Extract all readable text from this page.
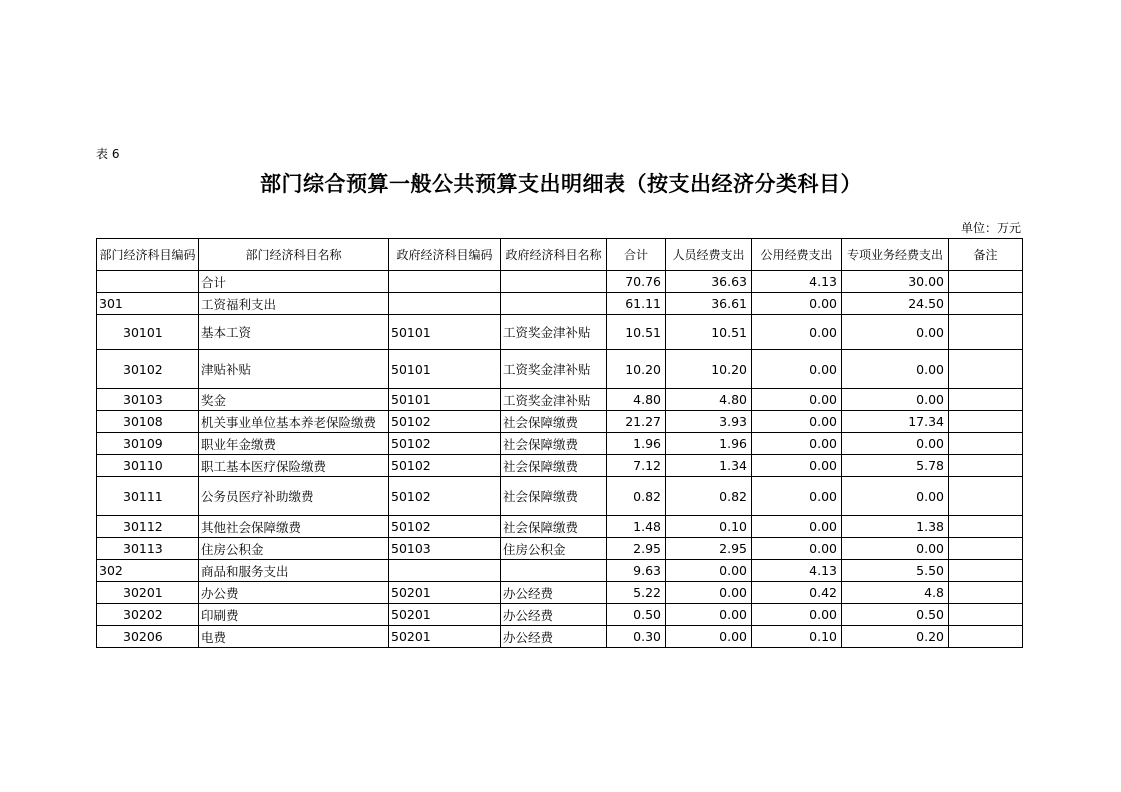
表 6
部门综合预算一般公共预算支出明细表（按支出经济分类科目）
单位：万元
部门经济科目编码	部门经济科目名称	政府经济科目编码	政府经济科目名称	合计	人员经费支出	公用经费支出	专项业务经费支出	备注
	合计			70.76	36.63	4.13	30.00	
301	工资福利支出			61.11	36.61	0.00	24.50	
30101	基本工资	50101	工资奖金津补贴	10.51	10.51	0.00	0.00	
30102	津贴补贴	50101	工资奖金津补贴	10.20	10.20	0.00	0.00	
30103	奖金	50101	工资奖金津补贴	4.80	4.80	0.00	0.00	
30108	机关事业单位基本养老保险缴费	50102	社会保障缴费	21.27	3.93	0.00	17.34	
30109	职业年金缴费	50102	社会保障缴费	1.96	1.96	0.00	0.00	
30110	职工基本医疗保险缴费	50102	社会保障缴费	7.12	1.34	0.00	5.78	
30111	公务员医疗补助缴费	50102	社会保障缴费	0.82	0.82	0.00	0.00	
30112	其他社会保障缴费	50102	社会保障缴费	1.48	0.10	0.00	1.38	
30113	住房公积金	50103	住房公积金	2.95	2.95	0.00	0.00	
302	商品和服务支出			9.63	0.00	4.13	5.50	
30201	办公费	50201	办公经费	5.22	0.00	0.42	4.8	
30202	印刷费	50201	办公经费	0.50	0.00	0.00	0.50	
30206	电费	50201	办公经费	0.30	0.00	0.10	0.20	
